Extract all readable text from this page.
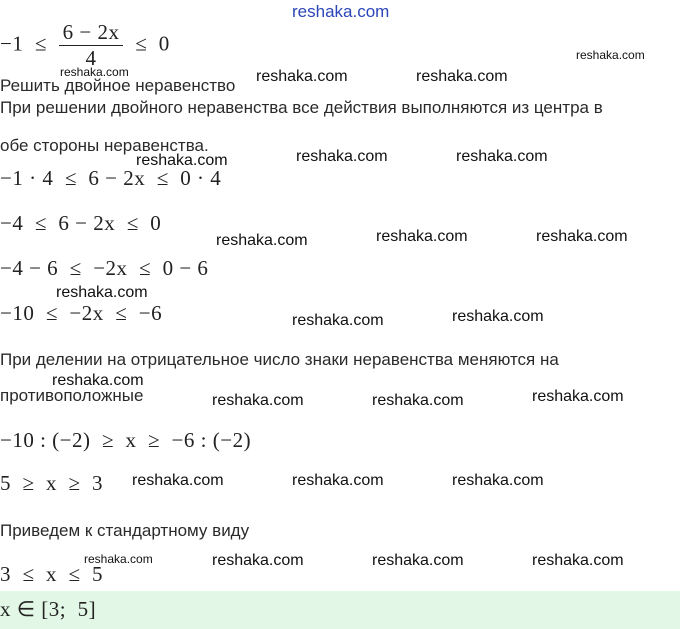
reshaka.com
$-1 \le \frac{6 - 2x}{4} \le 0$	reshaka.com
reshaka.com
Решить двойное неравенство reshaka.com	reshaka.com
При решении двойного неравенства все действия выполняются из центра в
обе стороны неравенства.
reshaka.com	reshaka.com	reshaka.com
−1 · 4  ≤  6 − 2x  ≤  0 · 4
−4  ≤  6 − 2x  ≤  0
reshaka.com	reshaka.com	reshaka.com
−4 − 6  ≤  −2x  ≤  0 − 6
reshaka.com
−10  ≤  −2x  ≤  −6	reshaka.com	reshaka.com
При делении на отрицательное число знаки неравенства меняются на
reshaka.com
противоположные	reshaka.com	reshaka.com	reshaka.com
−10 : (−2)  ≥  x  ≥  −6 : (−2)
5  ≥  x  ≥  3 reshaka.com	reshaka.com	reshaka.com
Приведем к стандартному виду
reshaka.com	reshaka.com	reshaka.com	reshaka.com
3  ≤  x  ≤  5
x ∈ [3;  5]
